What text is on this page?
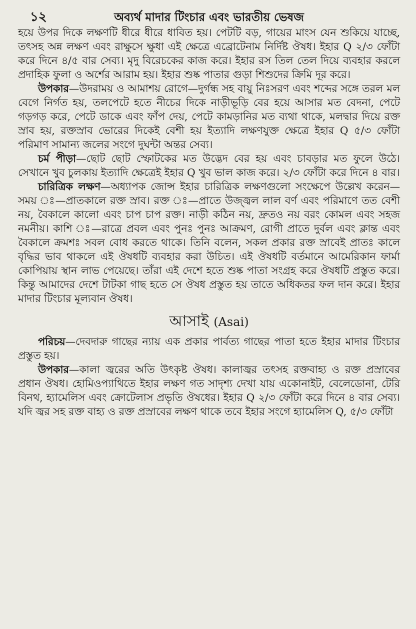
১২	অব্যর্থ মাদার টিংচার এবং ভারতীয় ভেষজ

হয়ে উপর দিকে লক্ষণটি ধীরে ধীরে ধাবিত হয়। পেটটি বড়, গায়ের মাংস যেন শুকিয়ে যাচ্ছে, তৎসহ অন্ন লক্ষণ এবং রাক্ষুসে ক্ষুধা এই ক্ষেত্রে এব্রোটেনাম নির্দিষ্ট ঔষধ। ইহার Q ২/৩ ফোঁটা করে দিনে ৪/৫ বার সেব্য। মৃদু বিরেচকের কাজ করে। ইহার রস তিল তেল দিয়ে ব্যবহার করলে প্রদাহিক ফুলা ও অর্শের আরাম হয়। ইহার শুষ্ক পাতার গুড়া শিশুদের ক্রিমি দূর করে।

উপকার—উদরাময় ও আমাশয় রোগে—দুর্গন্ধ সহ বায়ু নিঃসরণ এবং শব্দের সঙ্গে তরল মল বেগে নির্গত হয়, তলপেটে হতে নীচের দিকে নাড়ীভূড়ি বের হয়ে আসার মত বেদনা, পেটে গড়গড় করে, পেটে ডাকে এবং ফাঁপ দেয়, পেটে কামড়ানির মত ব্যথা থাকে, মলদ্বার দিয়ে রক্ত স্রাব হয়, রক্তস্রাব ভোরের দিকেই বেশী হয় ইত্যাদি লক্ষণযুক্ত ক্ষেত্রে ইহার Q ৫/৩ ফোঁটা পরিমাণ সামান্য জলের সংগে দুঘন্টা অন্তর সেব্য।

চর্ম পীড়া—ছোট ছোট স্ফোটকের মত উদ্ভেদ বের হয় এবং চাবড়ার মত ফুলে উঠে। সেখানে খুব চুলকায় ইত্যাদি ক্ষেত্রেই ইহার Q খুব ভাল কাজ করে। ২/৩ ফোঁটা করে দিনে ৪ বার।

চারিত্রিক লক্ষণ—অধ্যাপক জোন্স ইহার চারিত্রিক লক্ষণগুলো সংক্ষেপে উল্লেখ করেন—সময় ঃ—প্রাতকালে রক্ত স্রাব। রক্ত ঃ—প্রাতে উজ্জ্বল লাল বর্ণ এবং পরিমাণে তত বেশী নয়, বৈকালে কালো এবং চাপ চাপ রক্ত। নাড়ী কঠিন নয়, দ্রুতও নয় বরং কোমল এবং সহজ নমনীয়। কাশি ঃ—রাত্রে প্রবল এবং পুনঃ পুনঃ আক্রমণ, রোগী প্রাতে দুর্বল এবং ক্লান্ত এবং বৈকালে ক্রমশঃ সবল বোধ করতে থাকে। তিনি বলেন, সকল প্রকার রক্ত স্রাবেই প্রাতঃ কালে বৃদ্ধির ভাব থাকলে এই ঔষধটি ব্যবহার করা উচিত। এই ঔষধটি বর্তমানে আমেরিকান ফার্মা কোপিয়ায় স্থান লাভ পেয়েছে। তাঁরা এই দেশে হতে শুষ্ক পাতা সংগ্রহ করে ঔষধটি প্রস্তুত করে। কিন্তু আমাদের দেশে টাটকা গাছ হতে সে ঔষধ প্রস্তুত হয় তাতে অধিকতর ফল দান করে। ইহার মাদার টিংচার মূল্যবান ঔষধ।

আসাই (Asai)

পরিচয়—দেবদারু গাছের ন্যায় এক প্রকার পার্বত্য গাছের পাতা হতে ইহার মাদার টিংচার প্রস্তুত হয়।

উপকার—কালা জ্বরের অতি উৎকৃষ্ট ঔষধ। কালাজ্বর তৎসহ রক্তবাহ্য ও রক্ত প্রস্রাবের প্রধান ঔষধ। হোমিওপ্যাথিতে ইহার লক্ষণ গত সাদৃশ্য দেখা যায় একোনাইট, বেলেডোনা, টেরি বিনথ, হ্যামেলিস এবং ক্রোটেলাস প্রভৃতি ঔষধের। ইহার Q ২/৩ ফোঁটা করে দিনে ৪ বার সেব্য। যদি জ্বর সহ রক্ত বাহ্য ও রক্ত প্রস্রাবের লক্ষণ থাকে তবে ইহার সংগে হ্যামেলিস Q, ৫/৩ ফোঁটা
